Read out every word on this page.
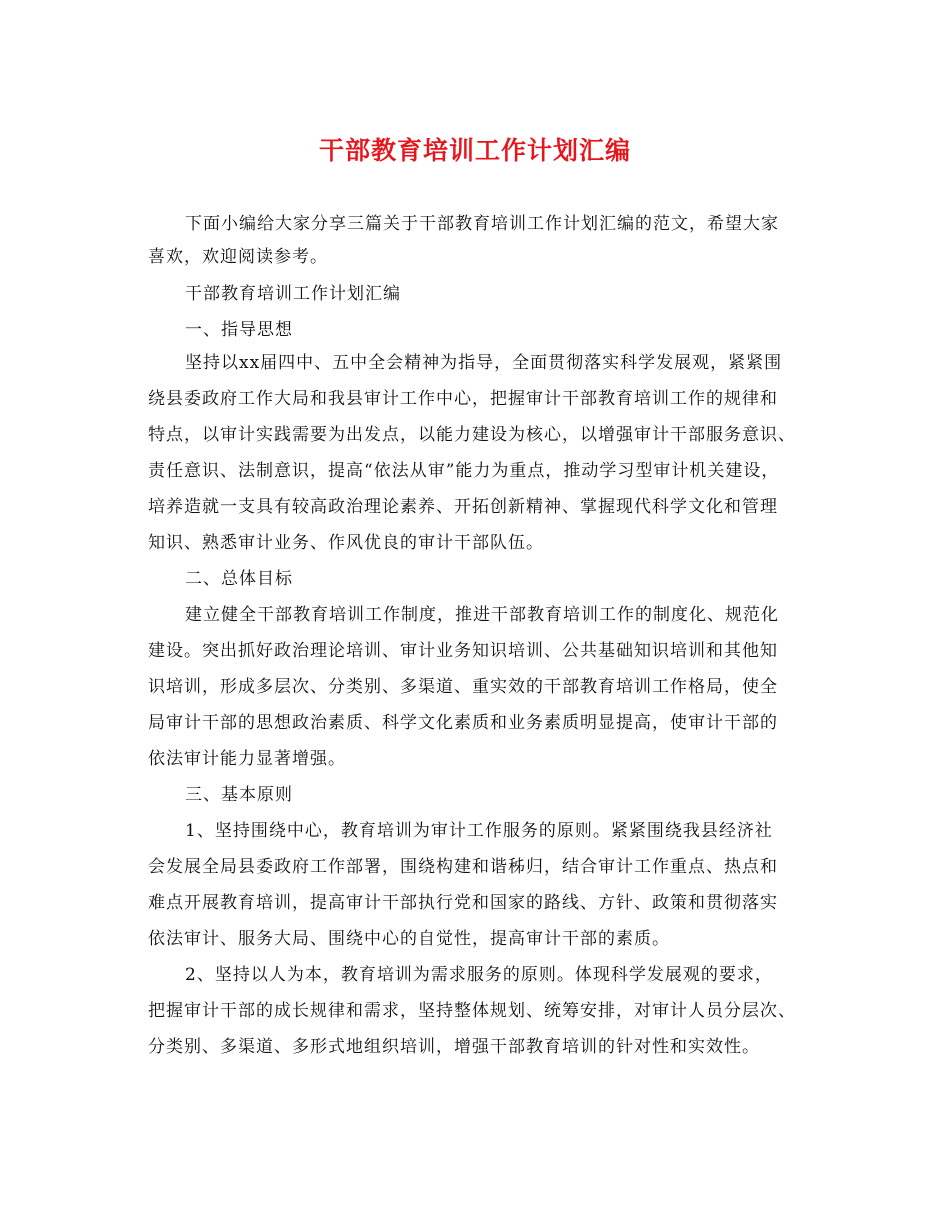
干部教育培训工作计划汇编
下面小编给大家分享三篇关于干部教育培训工作计划汇编的范文，希望大家
喜欢，欢迎阅读参考。
干部教育培训工作计划汇编
一、指导思想
坚持以xx届四中、五中全会精神为指导，全面贯彻落实科学发展观，紧紧围
绕县委政府工作大局和我县审计工作中心，把握审计干部教育培训工作的规律和
特点，以审计实践需要为出发点，以能力建设为核心，以增强审计干部服务意识、
责任意识、法制意识，提高“依法从审”能力为重点，推动学习型审计机关建设，
培养造就一支具有较高政治理论素养、开拓创新精神、掌握现代科学文化和管理
知识、熟悉审计业务、作风优良的审计干部队伍。
二、总体目标
建立健全干部教育培训工作制度，推进干部教育培训工作的制度化、规范化
建设。突出抓好政治理论培训、审计业务知识培训、公共基础知识培训和其他知
识培训，形成多层次、分类别、多渠道、重实效的干部教育培训工作格局，使全
局审计干部的思想政治素质、科学文化素质和业务素质明显提高，使审计干部的
依法审计能力显著增强。
三、基本原则
1、坚持围绕中心，教育培训为审计工作服务的原则。紧紧围绕我县经济社
会发展全局县委政府工作部署，围绕构建和谐秭归，结合审计工作重点、热点和
难点开展教育培训，提高审计干部执行党和国家的路线、方针、政策和贯彻落实
依法审计、服务大局、围绕中心的自觉性，提高审计干部的素质。
2、坚持以人为本，教育培训为需求服务的原则。体现科学发展观的要求，
把握审计干部的成长规律和需求，坚持整体规划、统筹安排，对审计人员分层次、
分类别、多渠道、多形式地组织培训，增强干部教育培训的针对性和实效性。
